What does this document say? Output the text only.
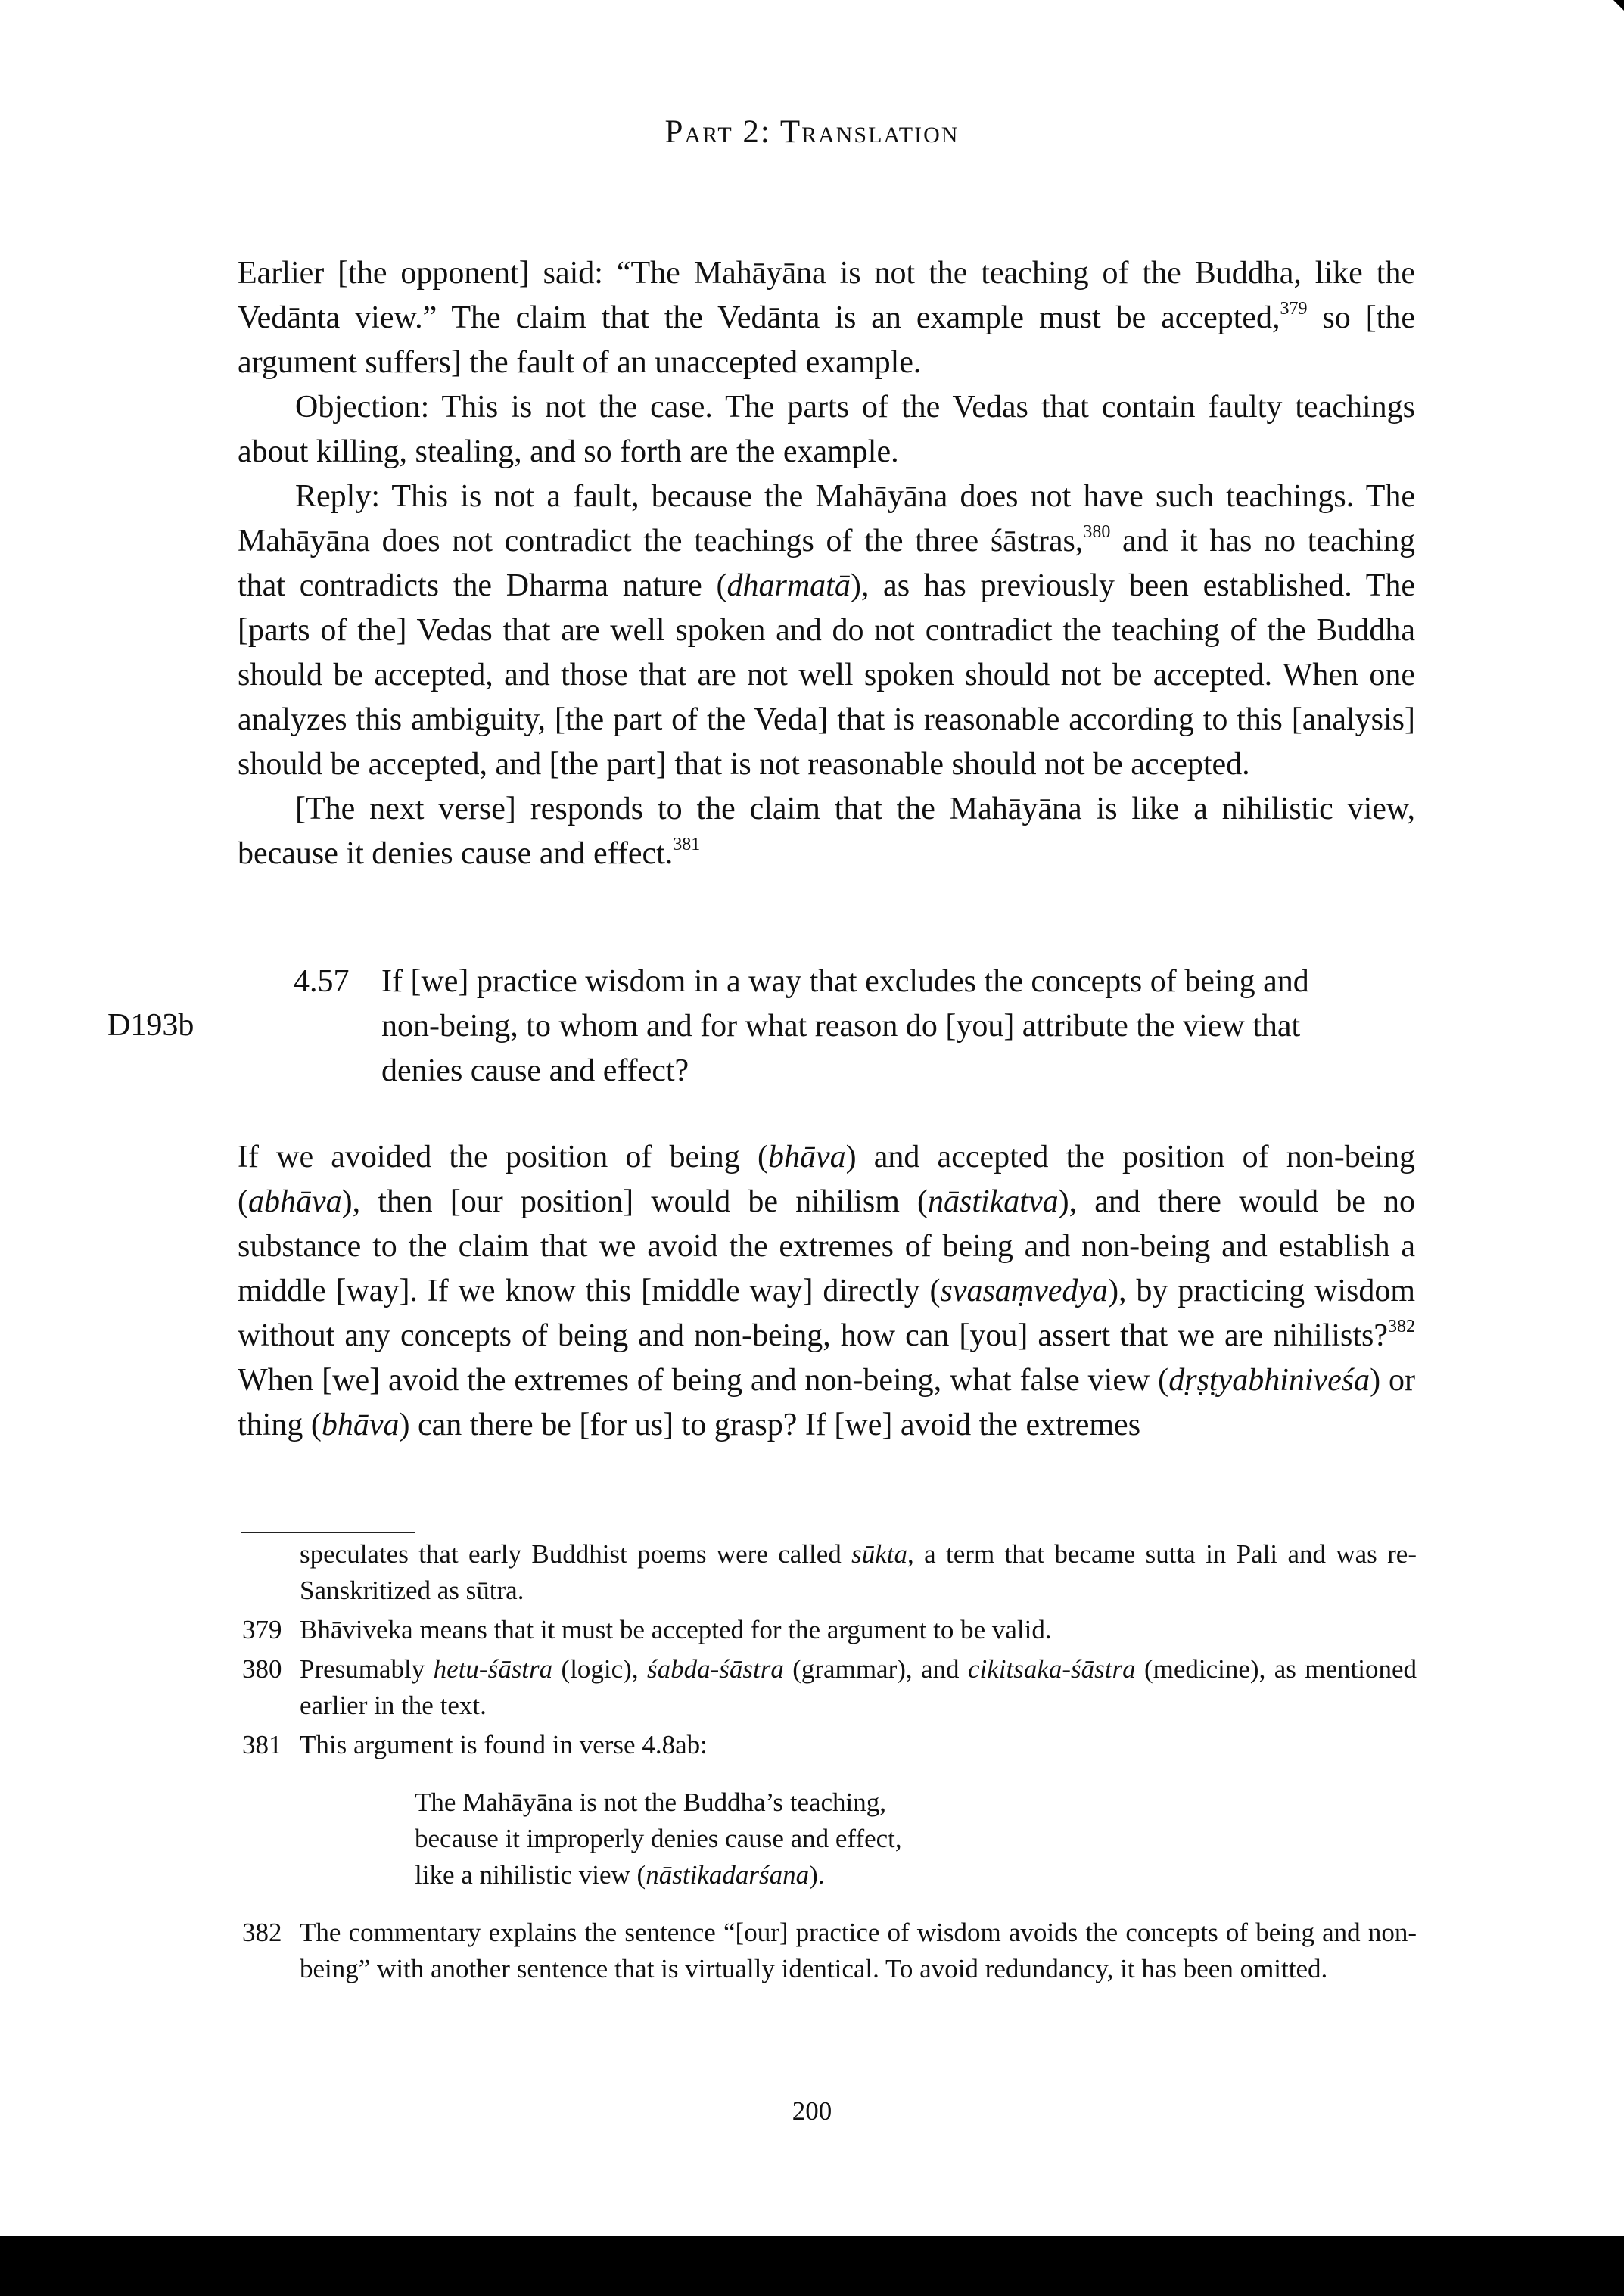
Part 2: Translation

Earlier [the opponent] said: “The Mahāyāna is not the teaching of the Buddha, like the Vedānta view.” The claim that the Vedānta is an example must be accepted,$^{379}$ so [the argument suffers] the fault of an unaccepted example.

Objection: This is not the case. The parts of the Vedas that contain faulty teachings about killing, stealing, and so forth are the example.

Reply: This is not a fault, because the Mahāyāna does not have such teachings. The Mahāyāna does not contradict the teachings of the three śāstras,$^{380}$ and it has no teaching that contradicts the Dharma nature (dharmatā), as has previously been established. The [parts of the] Vedas that are well spoken and do not contradict the teaching of the Buddha should be accepted, and those that are not well spoken should not be accepted. When one analyzes this ambiguity, [the part of the Veda] that is reasonable according to this [analysis] should be accepted, and [the part] that is not reasonable should not be accepted.

[The next verse] responds to the claim that the Mahāyāna is like a nihilistic view, because it denies cause and effect.$^{381}$

D193b
4.57 If [we] practice wisdom in a way that excludes the concepts of being and non-being, to whom and for what reason do [you] attribute the view that denies cause and effect?

If we avoided the position of being (bhāva) and accepted the position of non-being (abhāva), then [our position] would be nihilism (nāstikatva), and there would be no substance to the claim that we avoid the extremes of being and non-being and establish a middle [way]. If we know this [middle way] directly (svasaṃvedya), by practicing wisdom without any concepts of being and non-being, how can [you] assert that we are nihilists?$^{382}$ When [we] avoid the extremes of being and non-being, what false view (dṛṣṭyabhiniveśa) or thing (bhāva) can there be [for us] to grasp? If [we] avoid the extremes

speculates that early Buddhist poems were called sūkta, a term that became sutta in Pali and was re-Sanskritized as sūtra.

379 Bhāviveka means that it must be accepted for the argument to be valid.
380 Presumably hetu-śāstra (logic), śabda-śāstra (grammar), and cikitsaka-śāstra (medicine), as mentioned earlier in the text.
381 This argument is found in verse 4.8ab:
The Mahāyāna is not the Buddha’s teaching,
because it improperly denies cause and effect,
like a nihilistic view (nāstikadarśana).
382 The commentary explains the sentence “[our] practice of wisdom avoids the concepts of being and non-being” with another sentence that is virtually identical. To avoid redundancy, it has been omitted.
200
